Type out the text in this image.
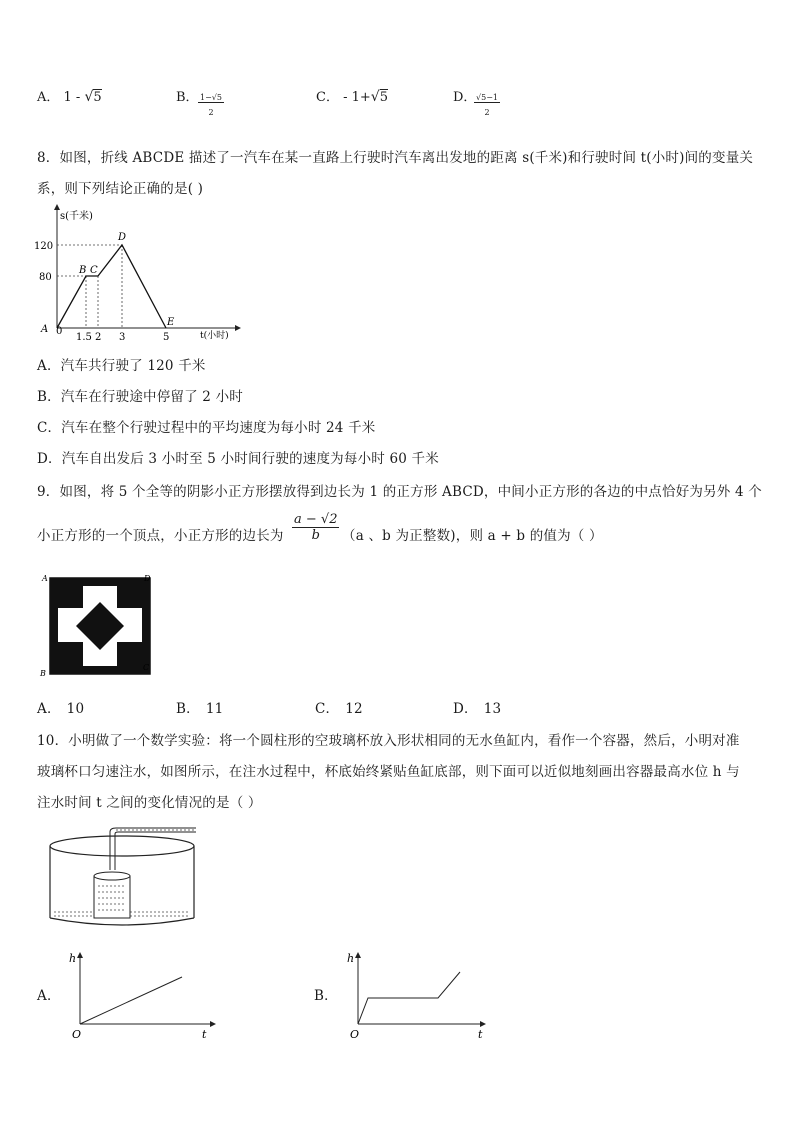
A． 1 - √5	B． $\frac{1-√5}{2}$	C． - 1+√5	D．
$\frac{√5-1}{2}$
8．如图，折线 ABCDE 描述了一汽车在某一直路上行驶时汽车离出发地的距离 s(千米)和行驶时间 t(小时)间的变量关
系，则下列结论正确的是( )
s(千米)
t(小时)
120
80
1.5 2 3	5
0
A
B C
D
E
A．汽车共行驶了 120 千米
B．汽车在行驶途中停留了 2 小时
C．汽车在整个行驶过程中的平均速度为每小时 24 千米
D．汽车自出发后 3 小时至 5 小时间行驶的速度为每小时 60 千米
9．如图，将 5 个全等的阴影小正方形摆放得到边长为 1 的正方形 ABCD，中间小正方形的各边的中点恰好为另外 4 个
小正方形的一个顶点，小正方形的边长为 $\frac{a - √2}{b} (a$ 、b 为正整数)，则 a + b 的值为（ ）
A	D
B
C
A． 10	B． 11	C． 12	D． 13
10．小明做了一个数学实验：将一个圆柱形的空玻璃杯放入形状相同的无水鱼缸内，看作一个容器，然后，小明对准
玻璃杯口匀速注水，如图所示，在注水过程中，杯底始终紧贴鱼缸底部，则下面可以近似地刻画出容器最高水位 h 与
注水时间 t 之间的变化情况的是（ ）
A．
h
t
O
B．
h
t
O
